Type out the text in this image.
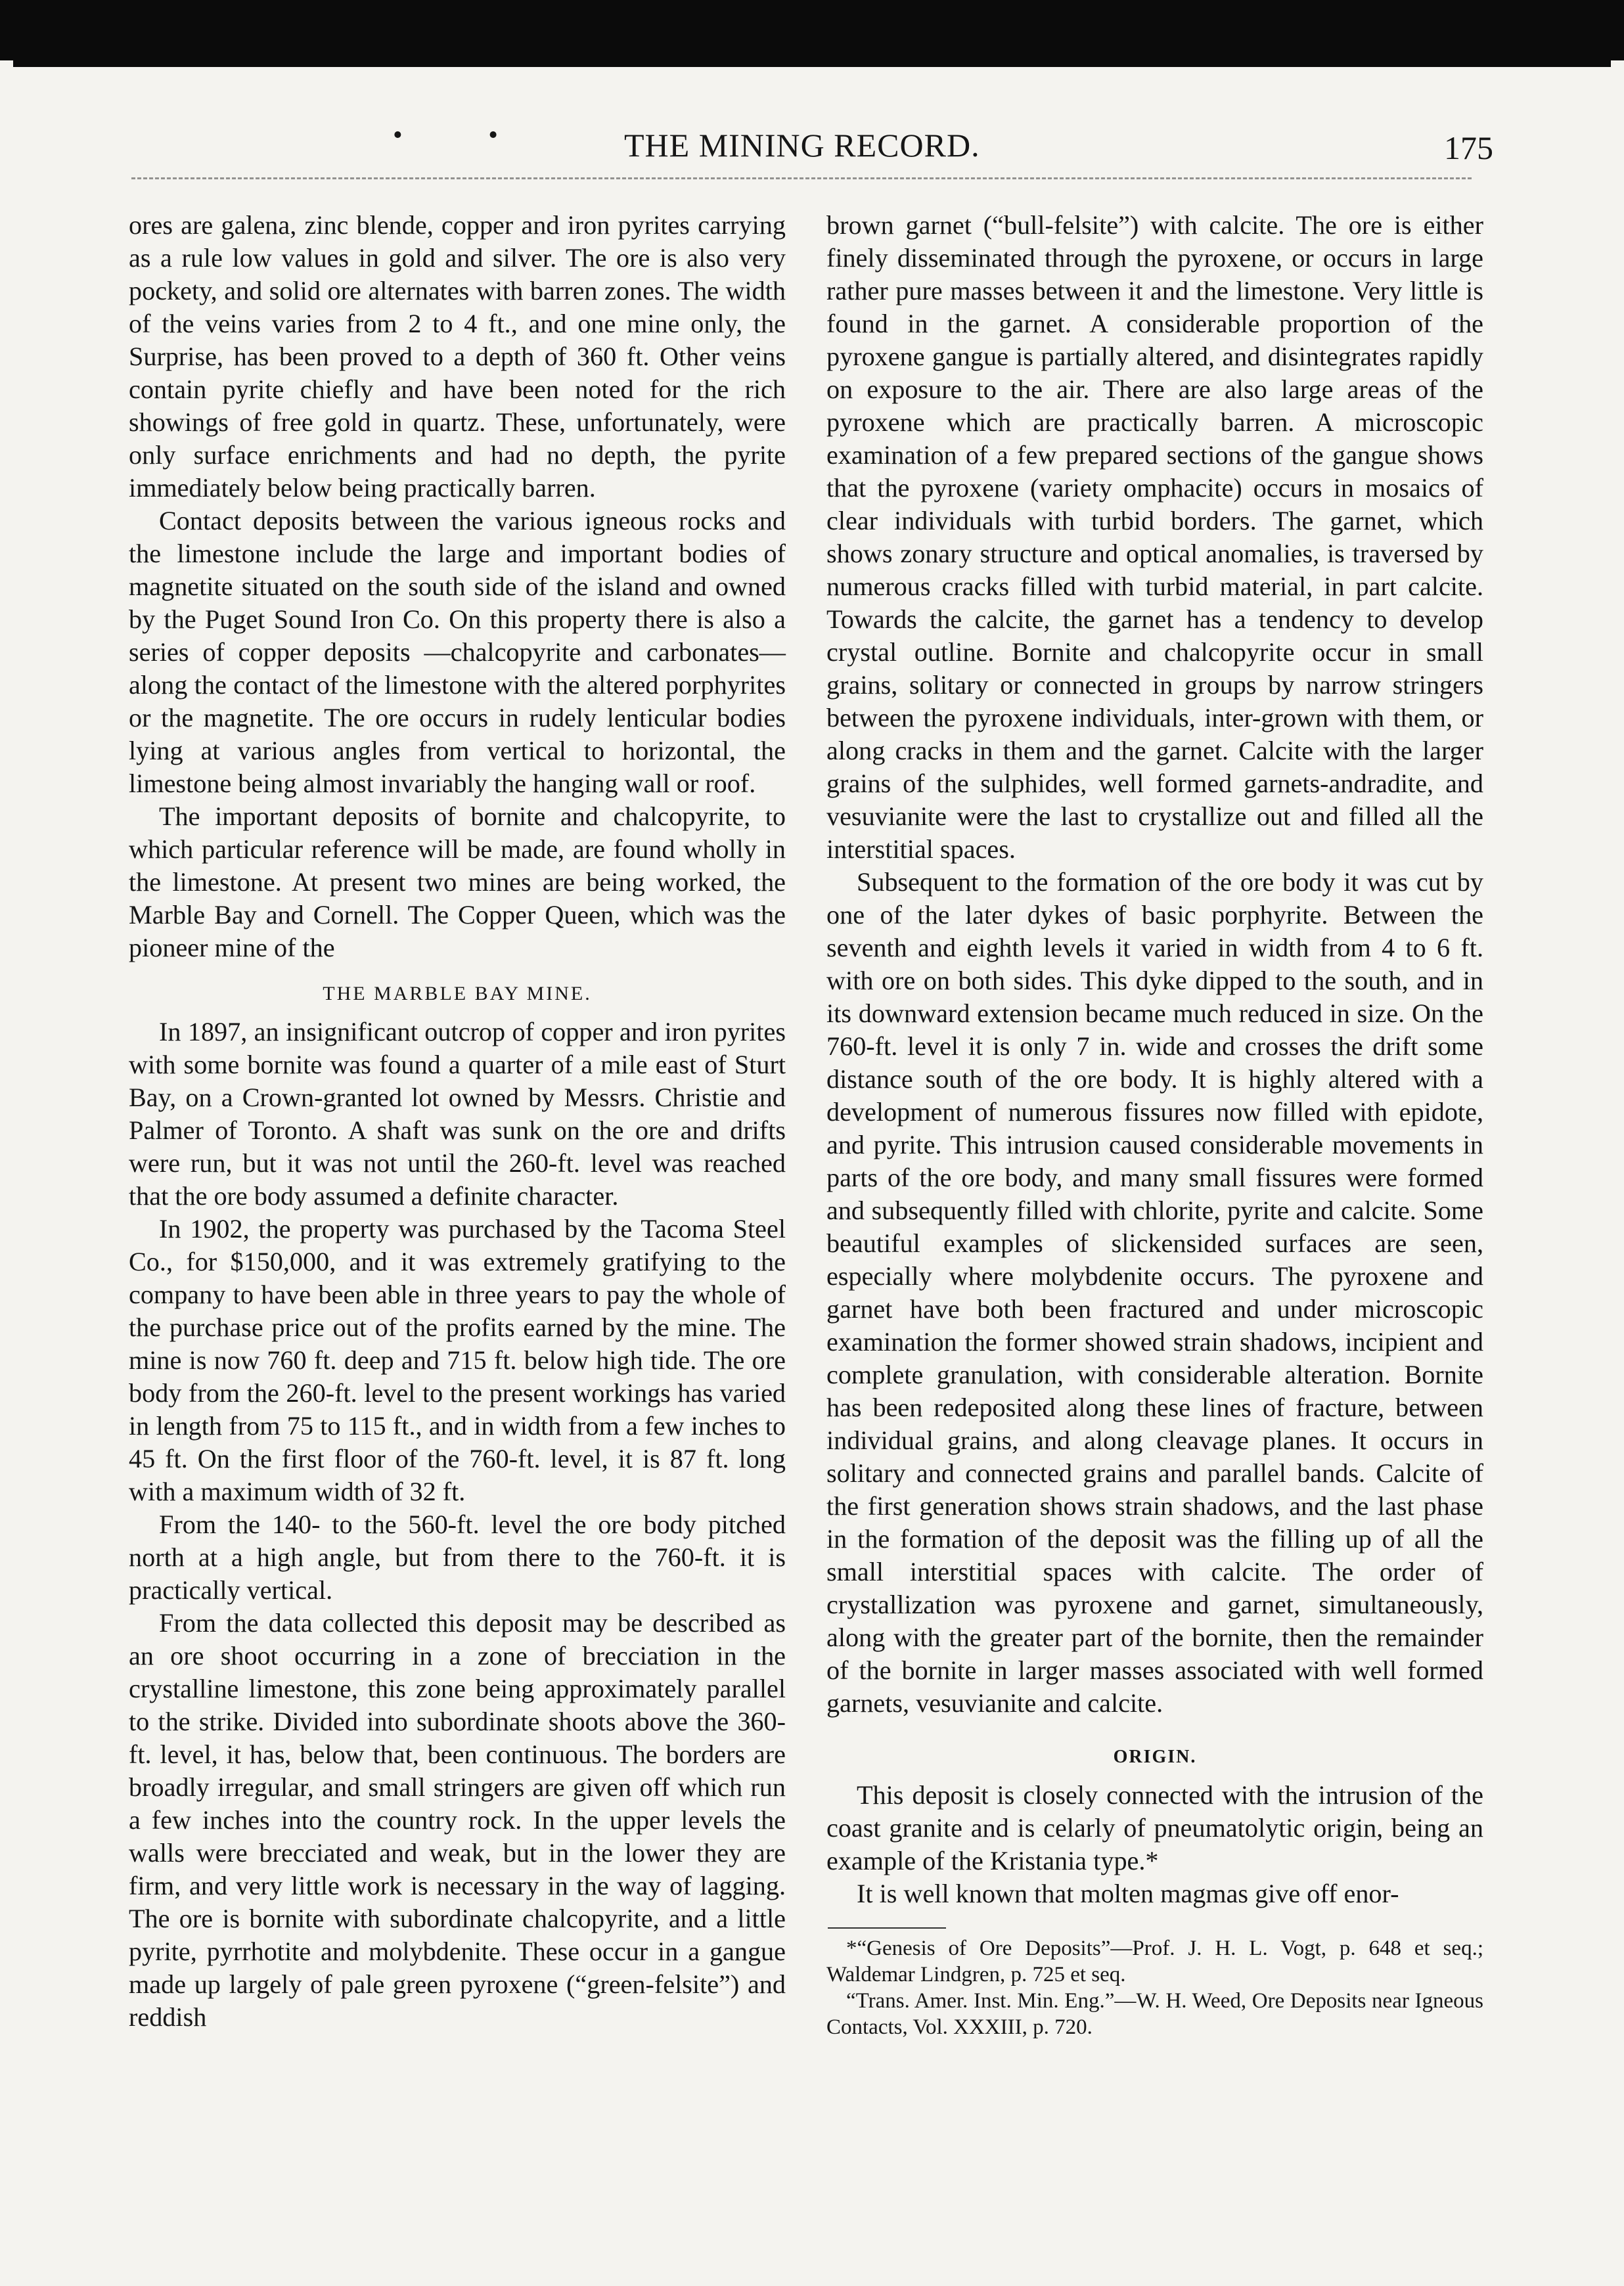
• •	THE MINING RECORD.	175

ores are galena, zinc blende, copper and iron pyrites carrying as a rule low values in gold and silver. The ore is also very pockety, and solid ore alternates with barren zones. The width of the veins varies from 2 to 4 ft., and one mine only, the Surprise, has been proved to a depth of 360 ft. Other veins contain pyrite chiefly and have been noted for the rich showings of free gold in quartz. These, unfortunately, were only surface enrichments and had no depth, the pyrite immediately below being practically barren.

Contact deposits between the various igneous rocks and the limestone include the large and important bodies of magnetite situated on the south side of the island and owned by the Puget Sound Iron Co. On this property there is also a series of copper deposits —chalcopyrite and carbonates—along the contact of the limestone with the altered porphyrites or the magnetite. The ore occurs in rudely lenticular bodies lying at various angles from vertical to horizontal, the limestone being almost invariably the hanging wall or roof.

The important deposits of bornite and chalcopyrite, to which particular reference will be made, are found wholly in the limestone. At present two mines are being worked, the Marble Bay and Cornell. The Copper Queen, which was the pioneer mine of the

THE MARBLE BAY MINE.

In 1897, an insignificant outcrop of copper and iron pyrites with some bornite was found a quarter of a mile east of Sturt Bay, on a Crown-granted lot owned by Messrs. Christie and Palmer of Toronto. A shaft was sunk on the ore and drifts were run, but it was not until the 260-ft. level was reached that the ore body assumed a definite character.

In 1902, the property was purchased by the Tacoma Steel Co., for $150,000, and it was extremely gratifying to the company to have been able in three years to pay the whole of the purchase price out of the profits earned by the mine. The mine is now 760 ft. deep and 715 ft. below high tide. The ore body from the 260-ft. level to the present workings has varied in length from 75 to 115 ft., and in width from a few inches to 45 ft. On the first floor of the 760-ft. level, it is 87 ft. long with a maximum width of 32 ft.

From the 140- to the 560-ft. level the ore body pitched north at a high angle, but from there to the 760-ft. it is practically vertical.

From the data collected this deposit may be described as an ore shoot occurring in a zone of brecciation in the crystalline limestone, this zone being approximately parallel to the strike. Divided into subordinate shoots above the 360-ft. level, it has, below that, been continuous. The borders are broadly irregular, and small stringers are given off which run a few inches into the country rock. In the upper levels the walls were brecciated and weak, but in the lower they are firm, and very little work is necessary in the way of lagging. The ore is bornite with subordinate chalcopyrite, and a little pyrite, pyrrhotite and molybdenite. These occur in a gangue made up largely of pale green pyroxene (“green-felsite”) and reddish

brown garnet (“bull-felsite”) with calcite. The ore is either finely disseminated through the pyroxene, or occurs in large rather pure masses between it and the limestone. Very little is found in the garnet. A considerable proportion of the pyroxene gangue is partially altered, and disintegrates rapidly on exposure to the air. There are also large areas of the pyroxene which are practically barren. A microscopic examination of a few prepared sections of the gangue shows that the pyroxene (variety omphacite) occurs in mosaics of clear individuals with turbid borders. The garnet, which shows zonary structure and optical anomalies, is traversed by numerous cracks filled with turbid material, in part calcite. Towards the calcite, the garnet has a tendency to develop crystal outline. Bornite and chalcopyrite occur in small grains, solitary or connected in groups by narrow stringers between the pyroxene individuals, inter-grown with them, or along cracks in them and the garnet. Calcite with the larger grains of the sulphides, well formed garnets-andradite, and vesuvianite were the last to crystallize out and filled all the interstitial spaces.

Subsequent to the formation of the ore body it was cut by one of the later dykes of basic porphyrite. Between the seventh and eighth levels it varied in width from 4 to 6 ft. with ore on both sides. This dyke dipped to the south, and in its downward extension became much reduced in size. On the 760-ft. level it is only 7 in. wide and crosses the drift some distance south of the ore body. It is highly altered with a development of numerous fissures now filled with epidote, and pyrite. This intrusion caused considerable movements in parts of the ore body, and many small fissures were formed and subsequently filled with chlorite, pyrite and calcite. Some beautiful examples of slickensided surfaces are seen, especially where molybdenite occurs. The pyroxene and garnet have both been fractured and under microscopic examination the former showed strain shadows, incipient and complete granulation, with considerable alteration. Bornite has been redeposited along these lines of fracture, between individual grains, and along cleavage planes. It occurs in solitary and connected grains and parallel bands. Calcite of the first generation shows strain shadows, and the last phase in the formation of the deposit was the filling up of all the small interstitial spaces with calcite. The order of crystallization was pyroxene and garnet, simultaneously, along with the greater part of the bornite, then the remainder of the bornite in larger masses associated with well formed garnets, vesuvianite and calcite.

ORIGIN.

This deposit is closely connected with the intrusion of the coast granite and is celarly of pneumatolytic origin, being an example of the Kristania type.*

It is well known that molten magmas give off enor-

*“Genesis of Ore Deposits”—Prof. J. H. L. Vogt, p. 648 et seq.; Waldemar Lindgren, p. 725 et seq.

“Trans. Amer. Inst. Min. Eng.”—W. H. Weed, Ore Deposits near Igneous Contacts, Vol. XXXIII, p. 720.
